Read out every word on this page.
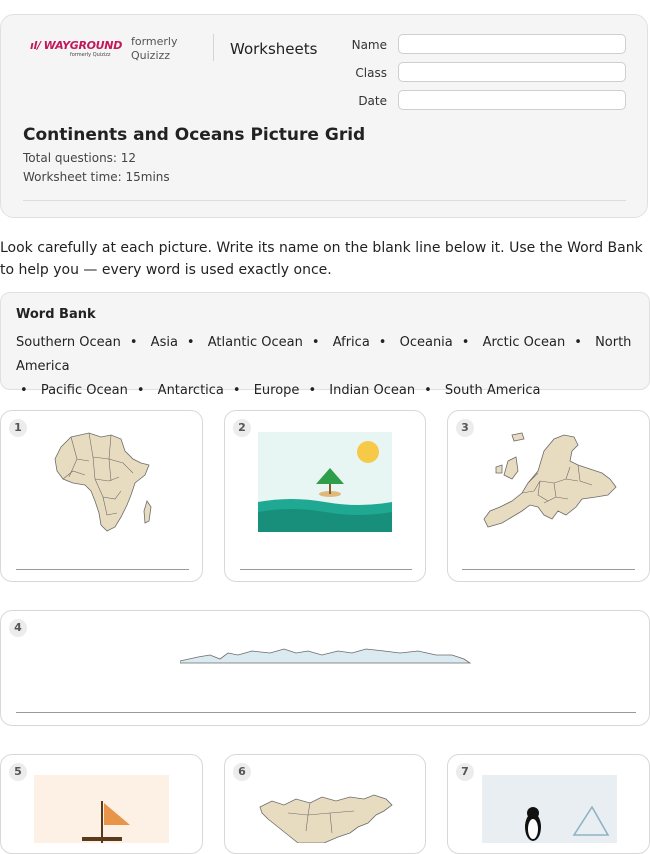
ıl/ WAYGROUND
formerly Quizizz
formerly
Quizizz	Worksheets	Name
Class
Date
Continents and Oceans Picture Grid
Total questions: 12
Worksheet time: 15mins
Look carefully at each picture. Write its name on the blank line below it. Use the Word Bank to help you — every word is used exactly once.
Word Bank
Southern Ocean • Asia • Atlantic Ocean • Africa • Oceania • Arctic Ocean • North America
• Pacific Ocean • Antarctica • Europe • Indian Ocean • South America
1	2	3
4
5	6	7
